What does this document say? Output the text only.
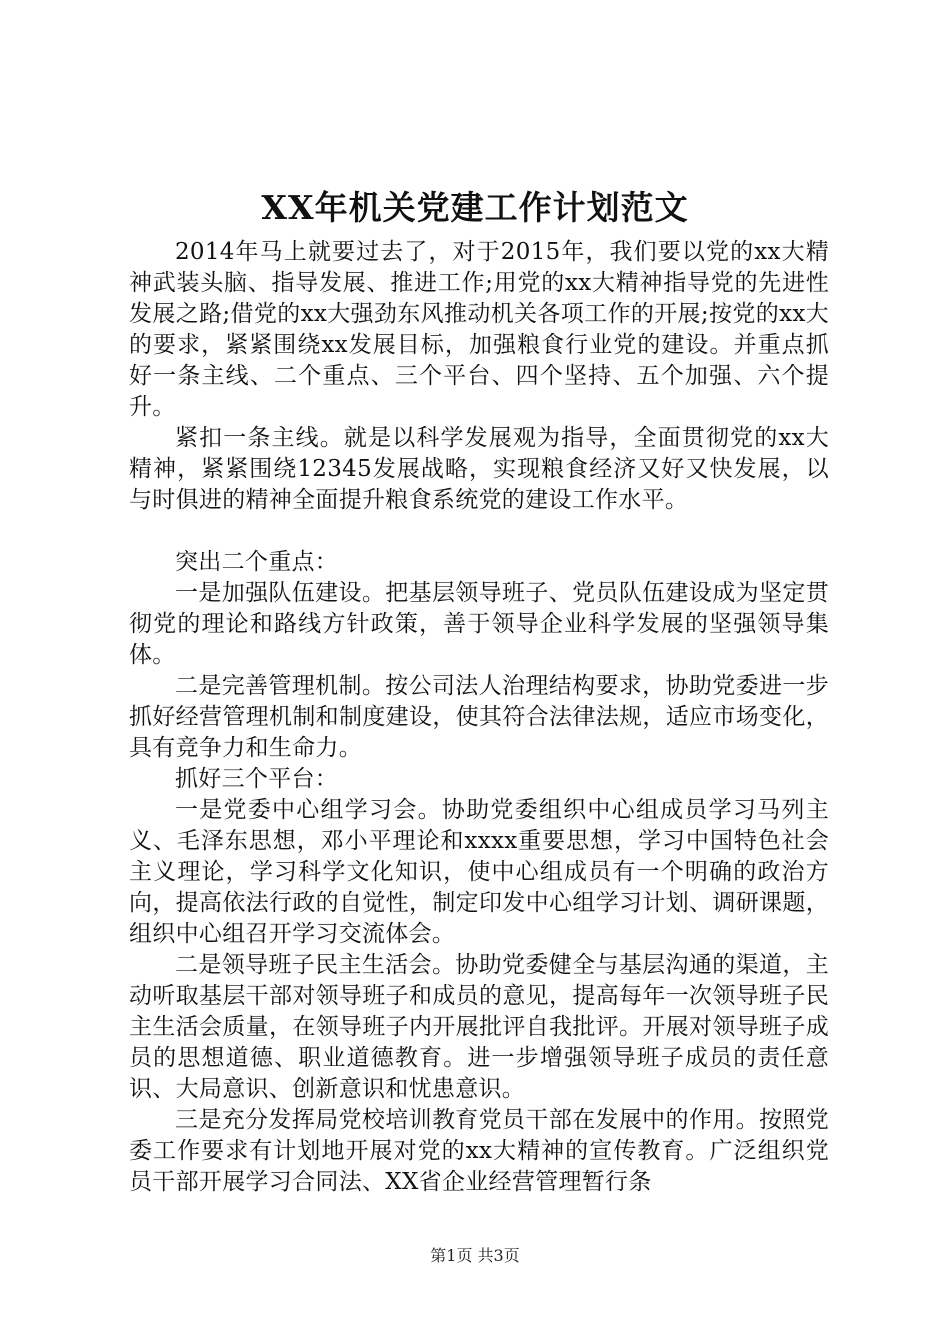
XX年机关党建工作计划范文

2014年马上就要过去了，对于2015年，我们要以党的xx大精神武装头脑、指导发展、推进工作;用党的xx大精神指导党的先进性发展之路;借党的xx大强劲东风推动机关各项工作的开展;按党的xx大的要求，紧紧围绕xx发展目标，加强粮食行业党的建设。并重点抓好一条主线、二个重点、三个平台、四个坚持、五个加强、六个提升。

紧扣一条主线。就是以科学发展观为指导，全面贯彻党的xx大精神，紧紧围绕12345发展战略，实现粮食经济又好又快发展，以与时俱进的精神全面提升粮食系统党的建设工作水平。

突出二个重点：

一是加强队伍建设。把基层领导班子、党员队伍建设成为坚定贯彻党的理论和路线方针政策，善于领导企业科学发展的坚强领导集体。

二是完善管理机制。按公司法人治理结构要求，协助党委进一步抓好经营管理机制和制度建设，使其符合法律法规，适应市场变化，具有竞争力和生命力。

抓好三个平台：

一是党委中心组学习会。协助党委组织中心组成员学习马列主义、毛泽东思想，邓小平理论和xxxx重要思想，学习中国特色社会主义理论，学习科学文化知识，使中心组成员有一个明确的政治方向，提高依法行政的自觉性，制定印发中心组学习计划、调研课题，组织中心组召开学习交流体会。

二是领导班子民主生活会。协助党委健全与基层沟通的渠道，主动听取基层干部对领导班子和成员的意见，提高每年一次领导班子民主生活会质量，在领导班子内开展批评自我批评。开展对领导班子成员的思想道德、职业道德教育。进一步增强领导班子成员的责任意识、大局意识、创新意识和忧患意识。

三是充分发挥局党校培训教育党员干部在发展中的作用。按照党委工作要求有计划地开展对党的xx大精神的宣传教育。广泛组织党员干部开展学习合同法、XX省企业经营管理暂行条

第1页 共3页
